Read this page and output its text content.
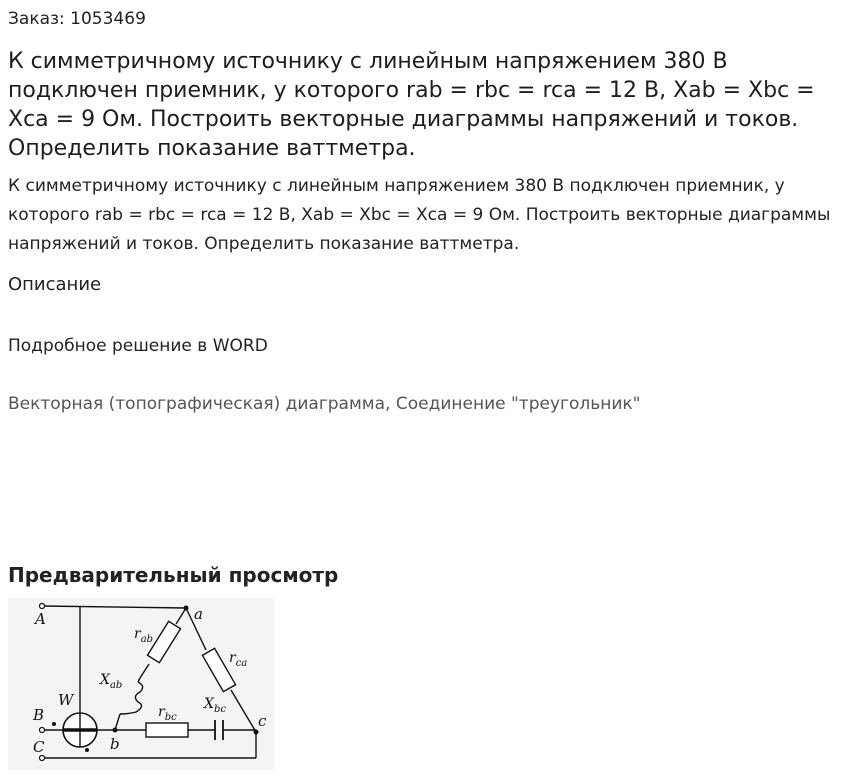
Заказ: 1053469
К симметричному источнику с линейным напряжением 380 В подключен приемник, у которого rab = rbc = rca = 12 В, Xab = Xbc = Xca = 9 Ом. Построить векторные диаграммы напряжений и токов. Определить показание ваттметра.
К симметричному источнику с линейным напряжением 380 В подключен приемник, у которого rab = rbc = rca = 12 В, Xab = Xbc = Xca = 9 Ом. Построить векторные диаграммы напряжений и токов. Определить показание ваттметра.
Описание
Подробное решение в WORD
Векторная (топографическая) диаграмма, Соединение "треугольник"
Предварительный просмотр
A
B
C
W
a
b
c
$r_{ab}$
$r_{ca}$
$r_{bc}$
$X_{ab}$
$X_{bc}$
